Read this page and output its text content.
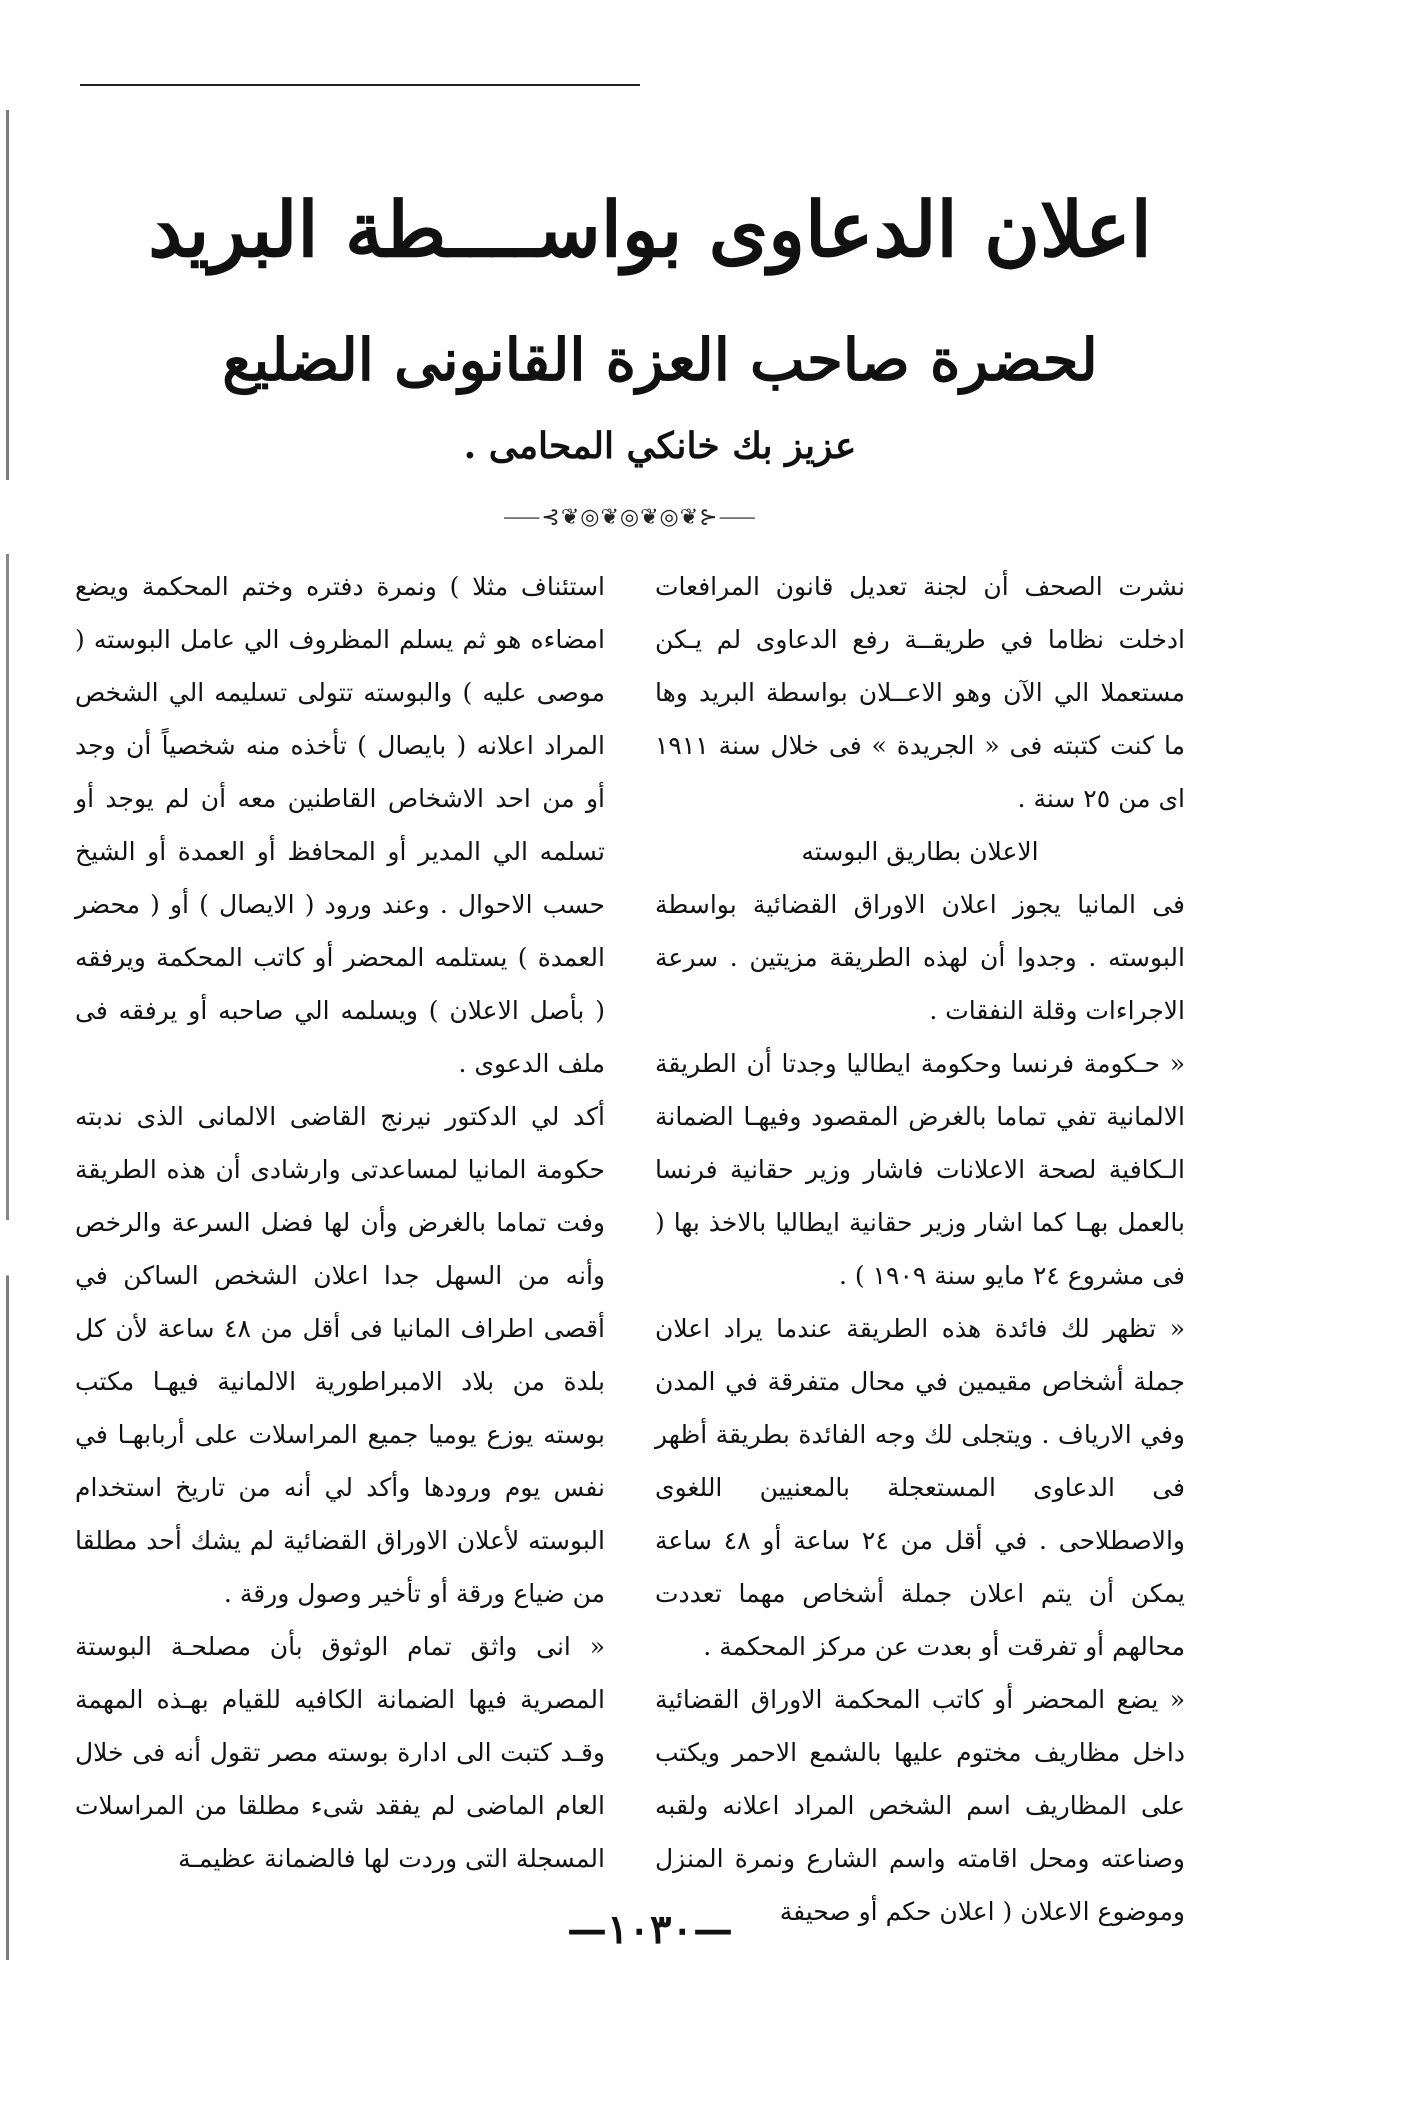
اعلان الدعاوى بواســــطة البريد
لحضرة صاحب العزة القانونى الضليع
عزيز بك خانكي المحامى .
⸺⊰❦◎❦◎❦◎❦⊱⸺

نشرت الصحف أن لجنة تعديل قانون المرافعات ادخلت نظاما في طريقــة رفع الدعاوى لم يـكن مستعملا الي الآن وهو الاعــلان بواسطة البريد وها ما كنت كتبته فى « الجريدة » فى خلال سنة ١٩١١ اى من ٢٥ سنة .

الاعلان بطاريق البوسته

فى المانيا يجوز اعلان الاوراق القضائية بواسطة البوسته . وجدوا أن لهذه الطريقة مزيتين . سرعة الاجراءات وقلة النفقات .

« حـكومة فرنسا وحكومة ايطاليا وجدتا أن الطريقة الالمانية تفي تماما بالغرض المقصود وفيهـا الضمانة الـكافية لصحة الاعلانات فاشار وزير حقانية فرنسا بالعمل بهـا كما اشار وزير حقانية ايطاليا بالاخذ بها ( فى مشروع ٢٤ مايو سنة ١٩٠٩ ) .

« تظهر لك فائدة هذه الطريقة عندما يراد اعلان جملة أشخاص مقيمين في محال متفرقة في المدن وفي الارياف . ويتجلى لك وجه الفائدة بطريقة أظهر فى الدعاوى المستعجلة بالمعنيين اللغوى والاصطلاحى . في أقل من ٢٤ ساعة أو ٤٨ ساعة يمكن أن يتم اعلان جملة أشخاص مهما تعددت محالهم أو تفرقت أو بعدت عن مركز المحكمة .

« يضع المحضر أو كاتب المحكمة الاوراق القضائية داخل مظاريف مختوم عليها بالشمع الاحمر ويكتب على المظاريف اسم الشخص المراد اعلانه ولقبه وصناعته ومحل اقامته واسم الشارع ونمرة المنزل وموضوع الاعلان ( اعلان حكم أو صحيفة

استئناف مثلا ) ونمرة دفتره وختم المحكمة ويضع امضاءه هو ثم يسلم المظروف الي عامل البوسته ( موصى عليه ) والبوسته تتولى تسليمه الي الشخص المراد اعلانه ( بايصال ) تأخذه منه شخصياً أن وجد أو من احد الاشخاص القاطنين معه أن لم يوجد أو تسلمه الي المدير أو المحافظ أو العمدة أو الشيخ حسب الاحوال . وعند ورود ( الايصال ) أو ( محضر العمدة ) يستلمه المحضر أو كاتب المحكمة ويرفقه ( بأصل الاعلان ) ويسلمه الي صاحبه أو يرفقه فى ملف الدعوى .

أكد لي الدكتور نيرنج القاضى الالمانى الذى ندبته حكومة المانيا لمساعدتى وارشادى أن هذه الطريقة وفت تماما بالغرض وأن لها فضل السرعة والرخص وأنه من السهل جدا اعلان الشخص الساكن في أقصى اطراف المانيا فى أقل من ٤٨ ساعة لأن كل بلدة من بلاد الامبراطورية الالمانية فيهـا مكتب بوسته يوزع يوميا جميع المراسلات على أربابهـا في نفس يوم ورودها وأكد لي أنه من تاريخ استخدام البوسته لأعلان الاوراق القضائية لم يشك أحد مطلقا من ضياع ورقة أو تأخير وصول ورقة .

« انى واثق تمام الوثوق بأن مصلحـة البوستة المصرية فيها الضمانة الكافيه للقيام بهـذه المهمة وقـد كتبت الى ادارة بوسته مصر تقول أنه فى خلال العام الماضى لم يفقد شىء مطلقا من المراسلات المسجلة التى وردت لها فالضمانة عظيمـة

—١٠٣٠—
